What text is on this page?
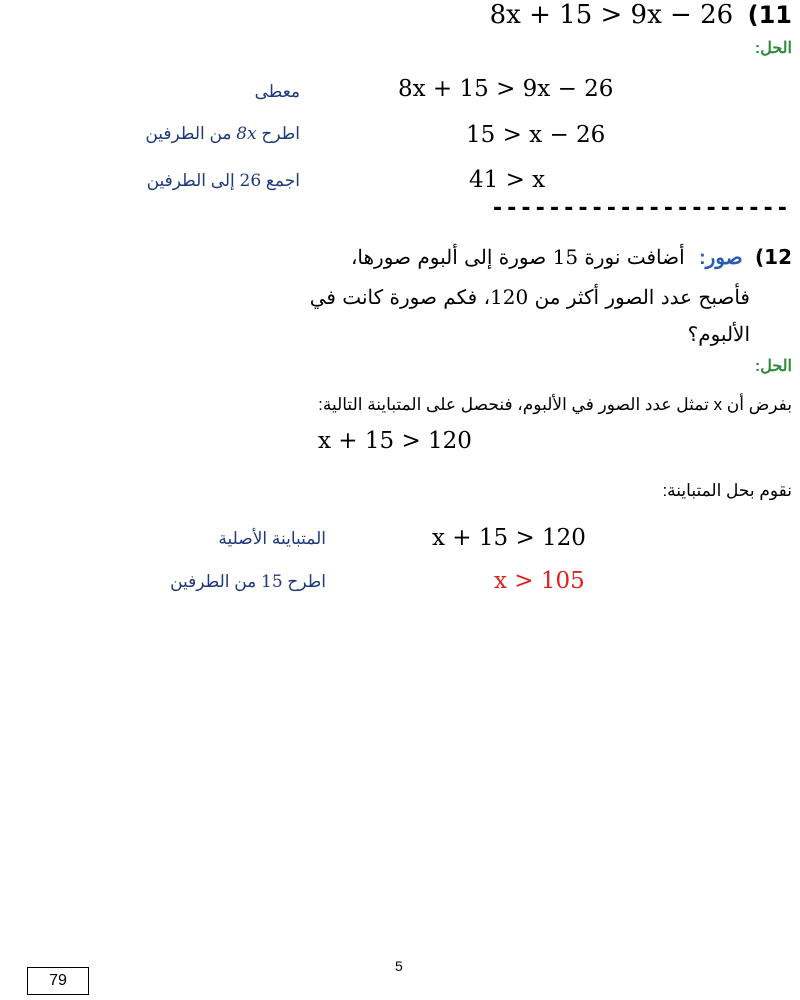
8x + 15 > 9x − 26 (11
الحل:
8x + 15 > 9x − 26
معطى
15 > x − 26
اطرح 8x من الطرفين
41 > x
اجمع 26 إلى الطرفين
---------------------
12) صور: أضافت نورة 15 صورة إلى ألبوم صورها،
فأصبح عدد الصور أكثر من 120، فكم صورة كانت في
الألبوم؟
الحل:
بفرض أن x تمثل عدد الصور في الألبوم، فنحصل على المتباينة التالية:
x + 15 > 120
نقوم بحل المتباينة:
x + 15 > 120
المتباينة الأصلية
x > 105
اطرح 15 من الطرفين
5
79
